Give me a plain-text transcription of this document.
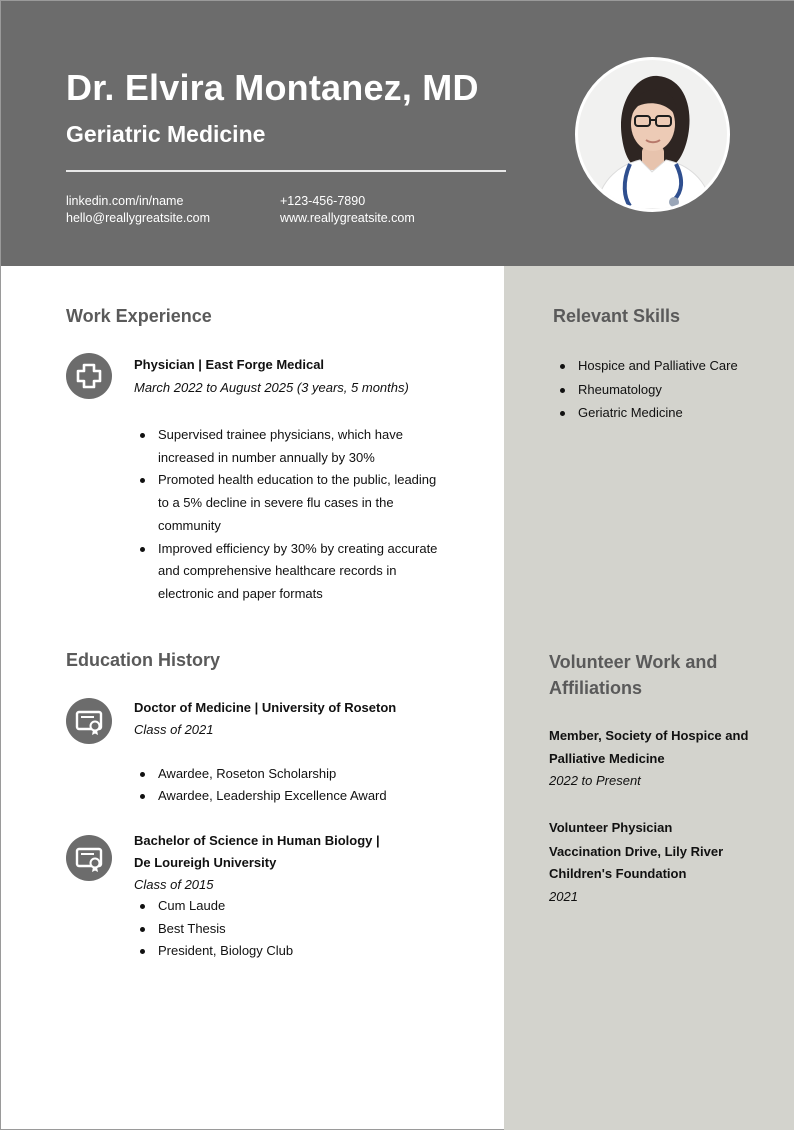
Dr. Elvira Montanez, MD
Geriatric Medicine
linkedin.com/in/name
hello@reallygreatsite.com
+123-456-7890
www.reallygreatsite.com
Work Experience
Physician | East Forge Medical
March 2022 to August 2025 (3 years, 5 months)
Supervised trainee physicians, which have increased in number annually by 30%
Promoted health education to the public, leading to a 5% decline in severe flu cases in the community
Improved efficiency by 30% by creating accurate and comprehensive healthcare records in electronic and paper formats
Education History
Doctor of Medicine | University of Roseton
Class of 2021
Awardee, Roseton Scholarship
Awardee, Leadership Excellence Award
Bachelor of Science in Human Biology |
De Loureigh University
Class of 2015
Cum Laude
Best Thesis
President, Biology Club
Relevant Skills
Hospice and Palliative Care
Rheumatology
Geriatric Medicine
Volunteer Work and
Affiliations
Member, Society of Hospice and
Palliative Medicine
2022 to Present
Volunteer Physician
Vaccination Drive, Lily River
Children's Foundation
2021
